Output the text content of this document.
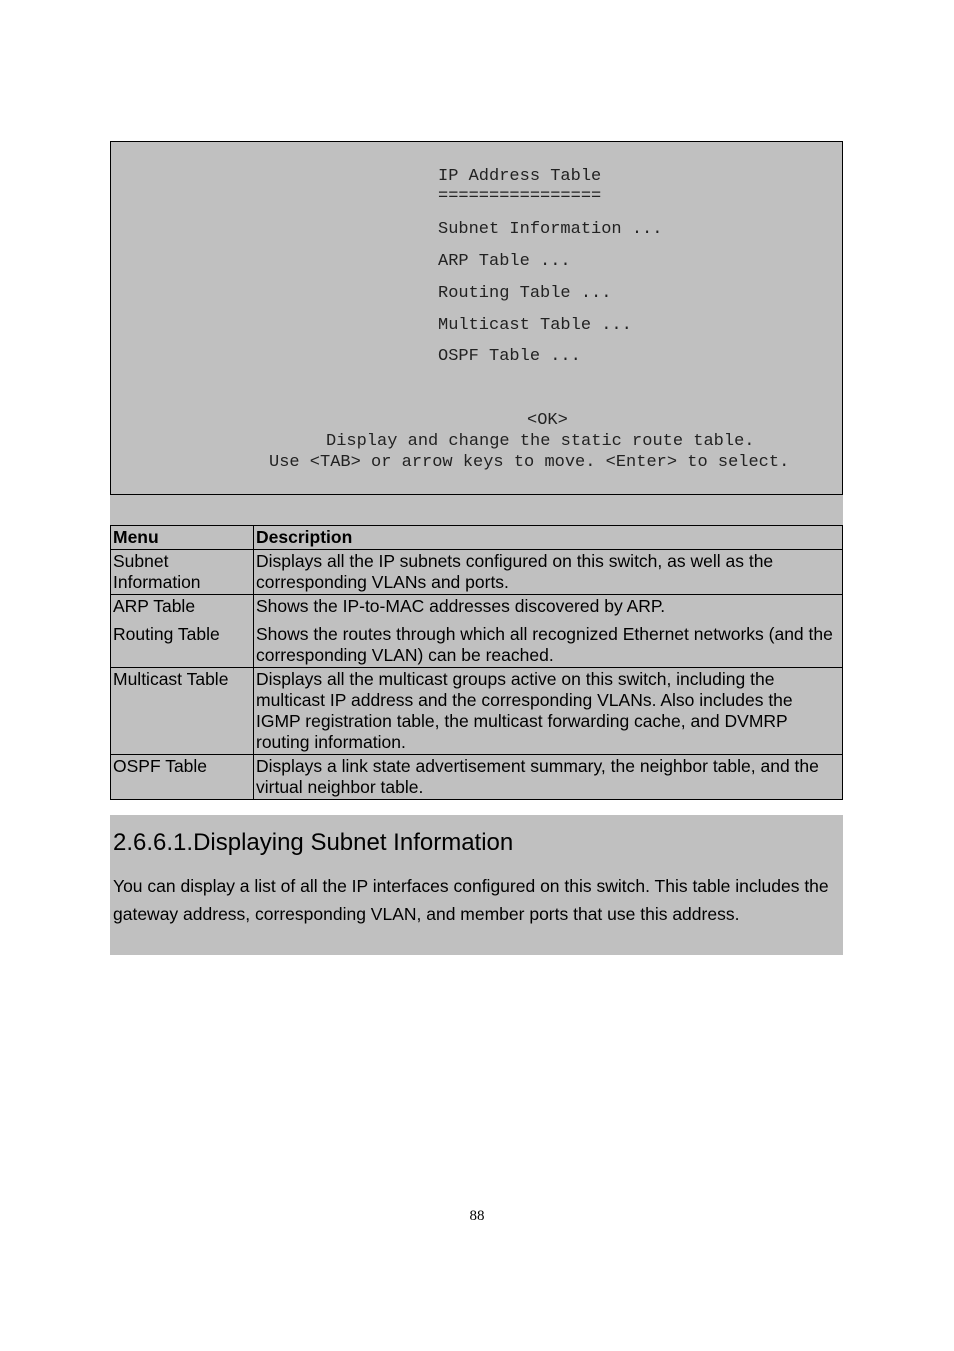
IP Address Table
================
Subnet Information ...
ARP Table ...
Routing Table ...
Multicast Table ...
OSPF Table ...
<OK>
Display and change the static route table.
Use <TAB> or arrow keys to move. <Enter> to select.
Menu	Description
Subnet Information	Displays all the IP subnets configured on this switch, as well as the corresponding VLANs and ports.
ARP Table	Shows the IP-to-MAC addresses discovered by ARP.
Routing Table	Shows the routes through which all recognized Ethernet networks (and the corresponding VLAN) can be reached.
Multicast Table	Displays all the multicast groups active on this switch, including the multicast IP address and the corresponding VLANs. Also includes the IGMP registration table, the multicast forwarding cache, and DVMRP routing information.
OSPF Table	Displays a link state advertisement summary, the neighbor table, and the virtual neighbor table.
2.6.6.1.Displaying Subnet Information

You can display a list of all the IP interfaces configured on this switch. This table includes the gateway address, corresponding VLAN, and member ports that use this address.

88
